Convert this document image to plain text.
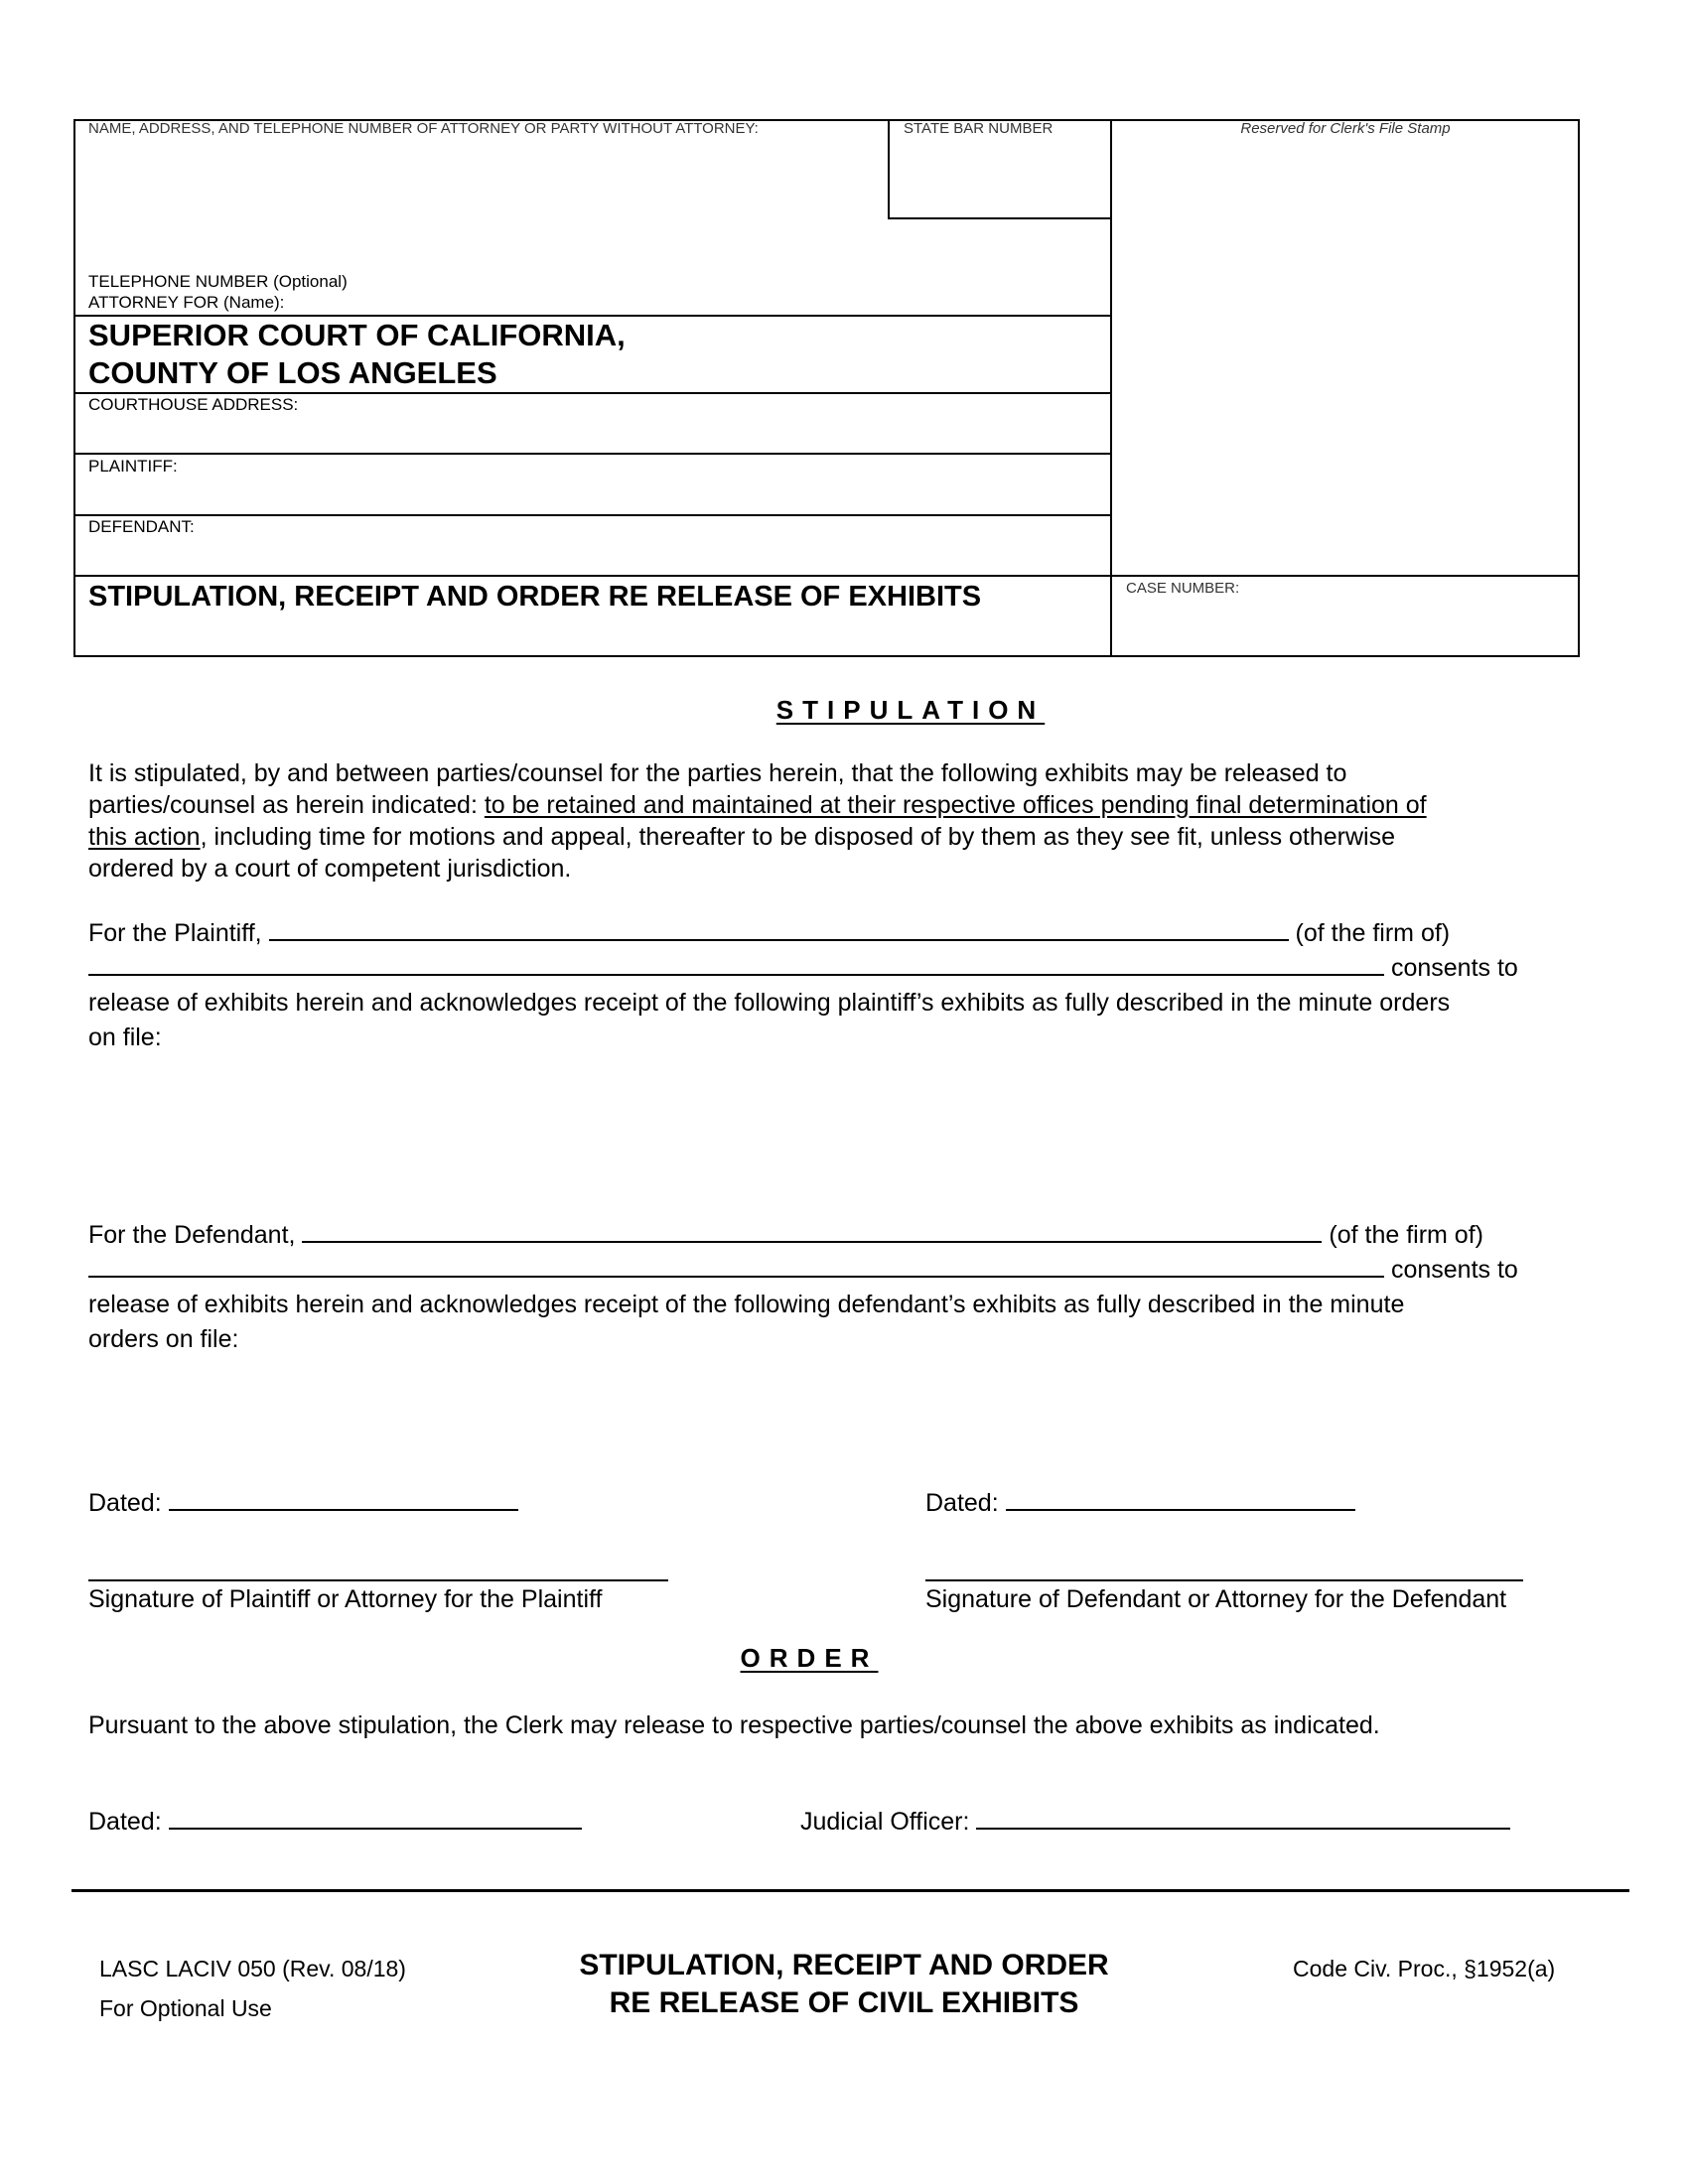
NAME, ADDRESS, AND TELEPHONE NUMBER OF ATTORNEY OR PARTY WITHOUT ATTORNEY:	STATE BAR NUMBER	Reserved for Clerk's File Stamp
TELEPHONE NUMBER (Optional)
ATTORNEY FOR (Name):
SUPERIOR COURT OF CALIFORNIA,
COUNTY OF LOS ANGELES
COURTHOUSE ADDRESS:
PLAINTIFF:
DEFENDANT:
STIPULATION, RECEIPT AND ORDER RE RELEASE OF EXHIBITS	CASE NUMBER:
STIPULATION
It is stipulated, by and between parties/counsel for the parties herein, that the following exhibits may be released to
parties/counsel as herein indicated: to be retained and maintained at their respective offices pending final determination of
this action, including time for motions and appeal, thereafter to be disposed of by them as they see fit, unless otherwise
ordered by a court of competent jurisdiction.
For the Plaintiff,	(of the firm of)
consents to
release of exhibits herein and acknowledges receipt of the following plaintiff’s exhibits as fully described in the minute orders
on file:
For the Defendant,	(of the firm of)
consents to
release of exhibits herein and acknowledges receipt of the following defendant’s exhibits as fully described in the minute
orders on file:
Dated:	Dated:
Signature of Plaintiff or Attorney for the Plaintiff	Signature of Defendant or Attorney for the Defendant
ORDER
Pursuant to the above stipulation, the Clerk may release to respective parties/counsel the above exhibits as indicated.
Dated:	Judicial Officer:
LASC LACIV 050 (Rev. 08/18)
For Optional Use
STIPULATION, RECEIPT AND ORDER
RE RELEASE OF CIVIL EXHIBITS
Code Civ. Proc., §1952(a)
